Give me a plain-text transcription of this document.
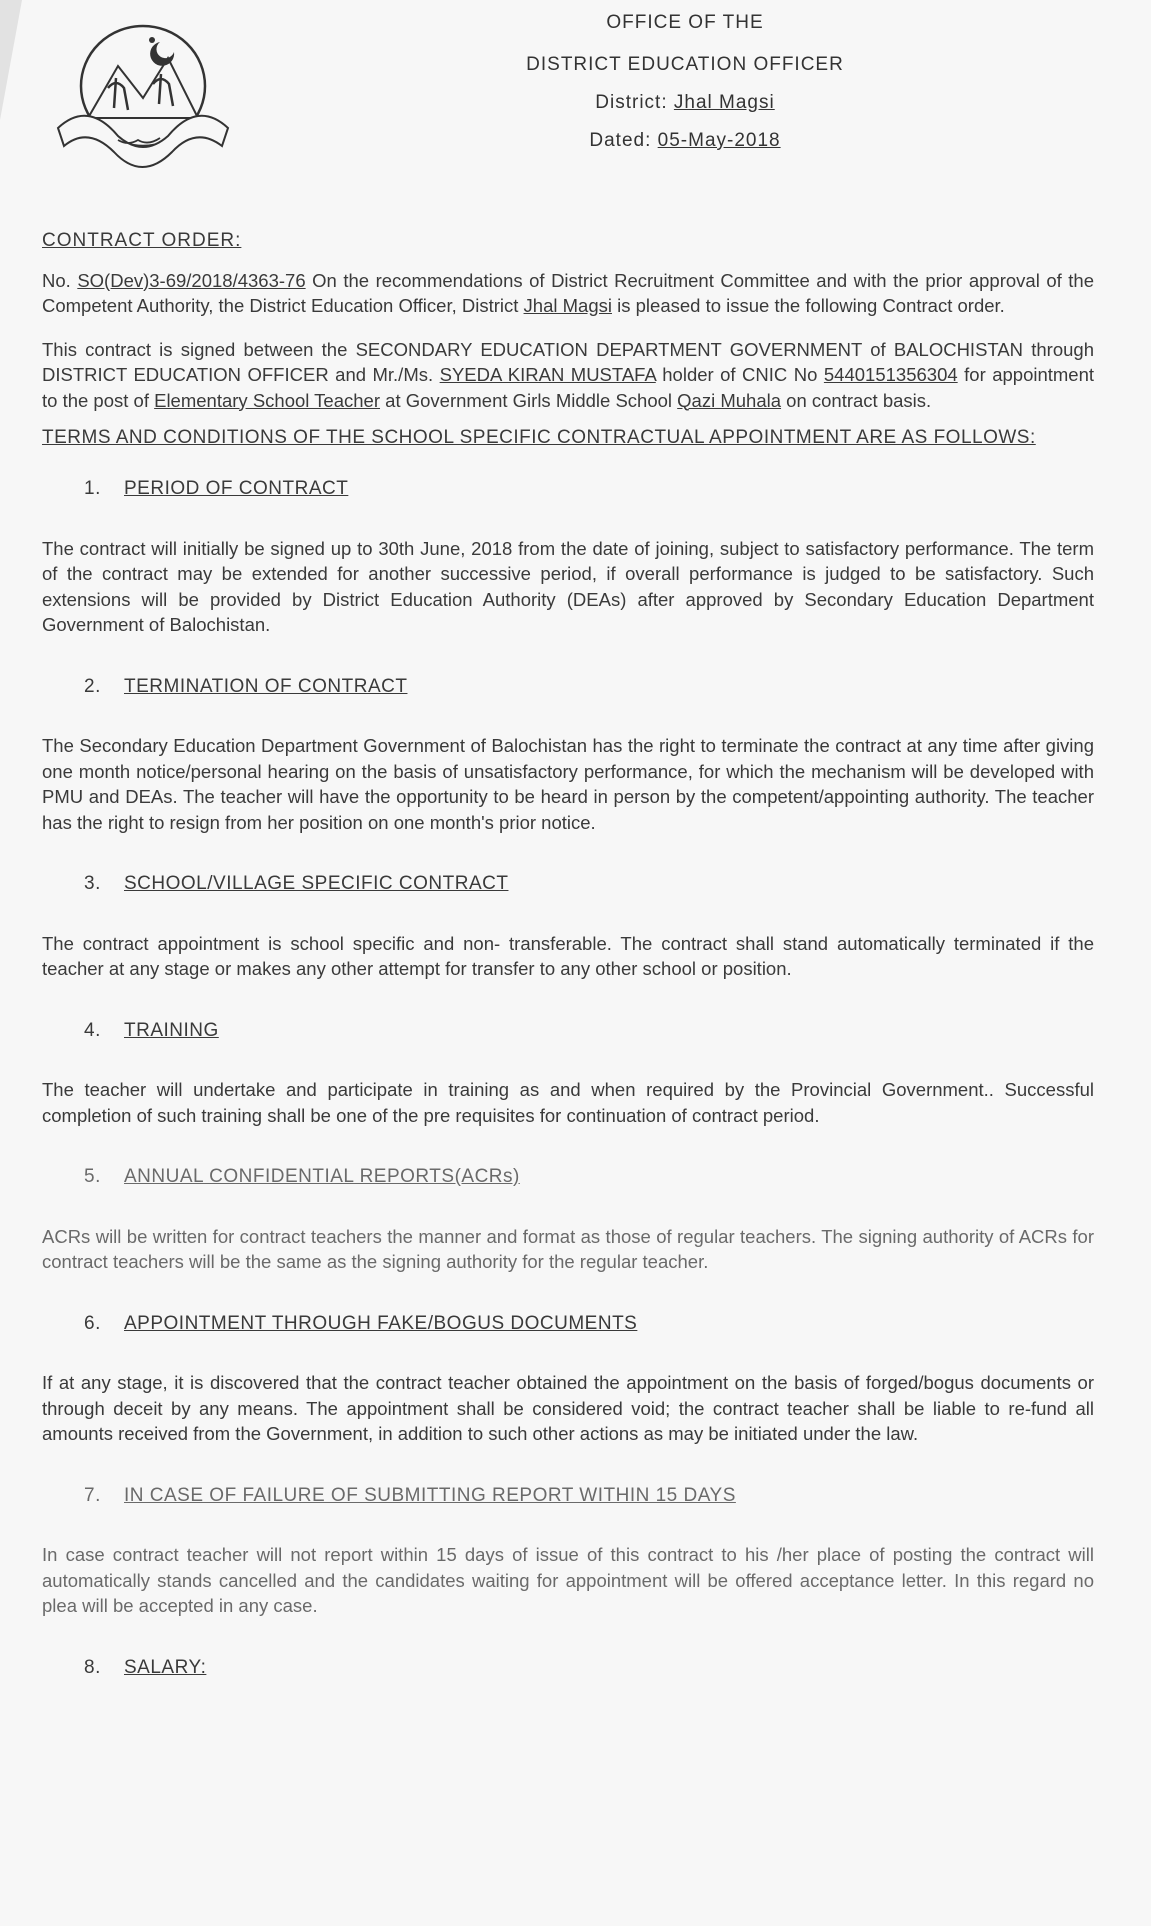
OFFICE OF THE
DISTRICT EDUCATION OFFICER
District: Jhal Magsi
Dated: 05-May-2018
CONTRACT ORDER:

No. SO(Dev)3-69/2018/4363-76 On the recommendations of District Recruitment Committee and with the prior approval of the Competent Authority, the District Education Officer, District Jhal Magsi is pleased to issue the following Contract order.

This contract is signed between the SECONDARY EDUCATION DEPARTMENT GOVERNMENT of BALOCHISTAN through DISTRICT EDUCATION OFFICER and Mr./Ms. SYEDA KIRAN MUSTAFA holder of CNIC No 5440151356304 for appointment to the post of Elementary School Teacher at Government Girls Middle School Qazi Muhala on contract basis.

TERMS AND CONDITIONS OF THE SCHOOL SPECIFIC CONTRACTUAL APPOINTMENT ARE AS FOLLOWS:
1.	PERIOD OF CONTRACT

The contract will initially be signed up to 30th June, 2018 from the date of joining, subject to satisfactory performance. The term of the contract may be extended for another successive period, if overall performance is judged to be satisfactory. Such extensions will be provided by District Education Authority (DEAs) after approved by Secondary Education Department Government of Balochistan.

2.	TERMINATION OF CONTRACT

The Secondary Education Department Government of Balochistan has the right to terminate the contract at any time after giving one month notice/personal hearing on the basis of unsatisfactory performance, for which the mechanism will be developed with PMU and DEAs. The teacher will have the opportunity to be heard in person by the competent/appointing authority. The teacher has the right to resign from her position on one month's prior notice.

3.	SCHOOL/VILLAGE SPECIFIC CONTRACT

The contract appointment is school specific and non- transferable. The contract shall stand automatically terminated if the teacher at any stage or makes any other attempt for transfer to any other school or position.

4.	TRAINING

The teacher will undertake and participate in training as and when required by the Provincial Government.. Successful completion of such training shall be one of the pre requisites for continuation of contract period.

5.	ANNUAL CONFIDENTIAL REPORTS(ACRs)

ACRs will be written for contract teachers the manner and format as those of regular teachers. The signing authority of ACRs for contract teachers will be the same as the signing authority for the regular teacher.

6.	APPOINTMENT THROUGH FAKE/BOGUS DOCUMENTS

If at any stage, it is discovered that the contract teacher obtained the appointment on the basis of forged/bogus documents or through deceit by any means. The appointment shall be considered void; the contract teacher shall be liable to re-fund all amounts received from the Government, in addition to such other actions as may be initiated under the law.

7.	IN CASE OF FAILURE OF SUBMITTING REPORT WITHIN 15 DAYS

In case contract teacher will not report within 15 days of issue of this contract to his /her place of posting the contract will automatically stands cancelled and the candidates waiting for appointment will be offered acceptance letter. In this regard no plea will be accepted in any case.

8.	SALARY:
